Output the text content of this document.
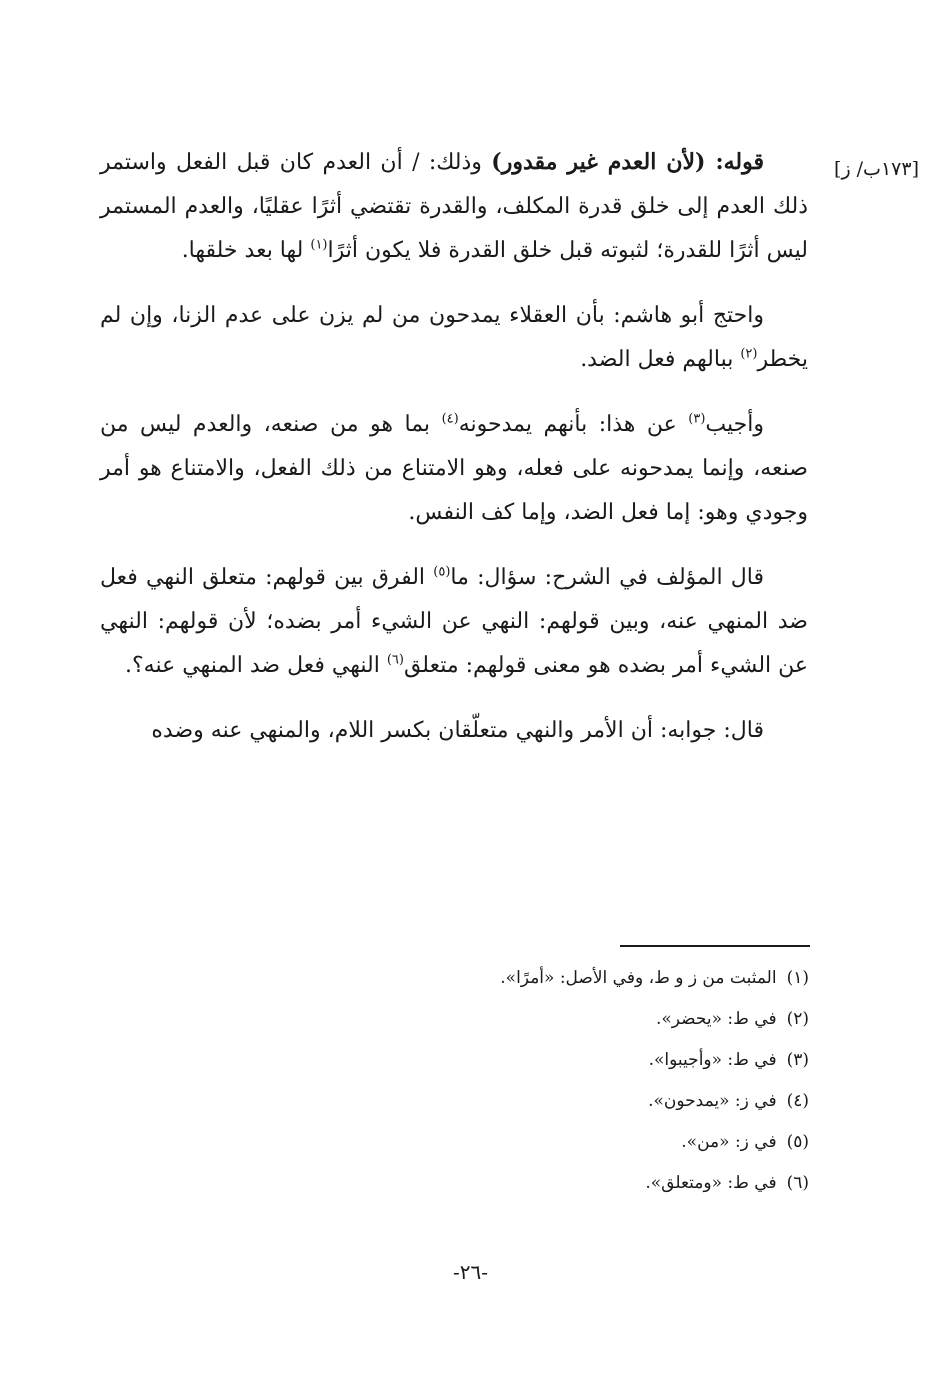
[١٧٣ب/ ز]

قوله: (لأن العدم غير مقدور) وذلك: / أن العدم كان قبل الفعل واستمر ذلك العدم إلى خلق قدرة المكلف، والقدرة تقتضي أثرًا عقليًا، والعدم المستمر ليس أثرًا للقدرة؛ لثبوته قبل خلق القدرة فلا يكون أثرًا$^{(١)}$ لها بعد خلقها.

واحتج أبو هاشم: بأن العقلاء يمدحون من لم يزن على عدم الزنا، وإن لم يخطر$^{(٢)}$ ببالهم فعل الضد.

وأجيب$^{(٣)}$ عن هذا: بأنهم يمدحونه$^{(٤)}$ بما هو من صنعه، والعدم ليس من صنعه، وإنما يمدحونه على فعله، وهو الامتناع من ذلك الفعل، والامتناع هو أمر وجودي وهو: إما فعل الضد، وإما كف النفس.

قال المؤلف في الشرح: سؤال: ما$^{(٥)}$ الفرق بين قولهم: متعلق النهي فعل ضد المنهي عنه، وبين قولهم: النهي عن الشيء أمر بضده؛ لأن قولهم: النهي عن الشيء أمر بضده هو معنى قولهم: متعلق$^{(٦)}$ النهي فعل ضد المنهي عنه؟.

قال: جوابه: أن الأمر والنهي متعلّقان بكسر اللام، والمنهي عنه وضده

(١)المثبت من ز و ط، وفي الأصل: «أمرًا».
(٢)في ط: «يحضر».
(٣)في ط: «وأجيبوا».
(٤)في ز: «يمدحون».
(٥)في ز: «من».
(٦)في ط: «ومتعلق».
-٢٦-
